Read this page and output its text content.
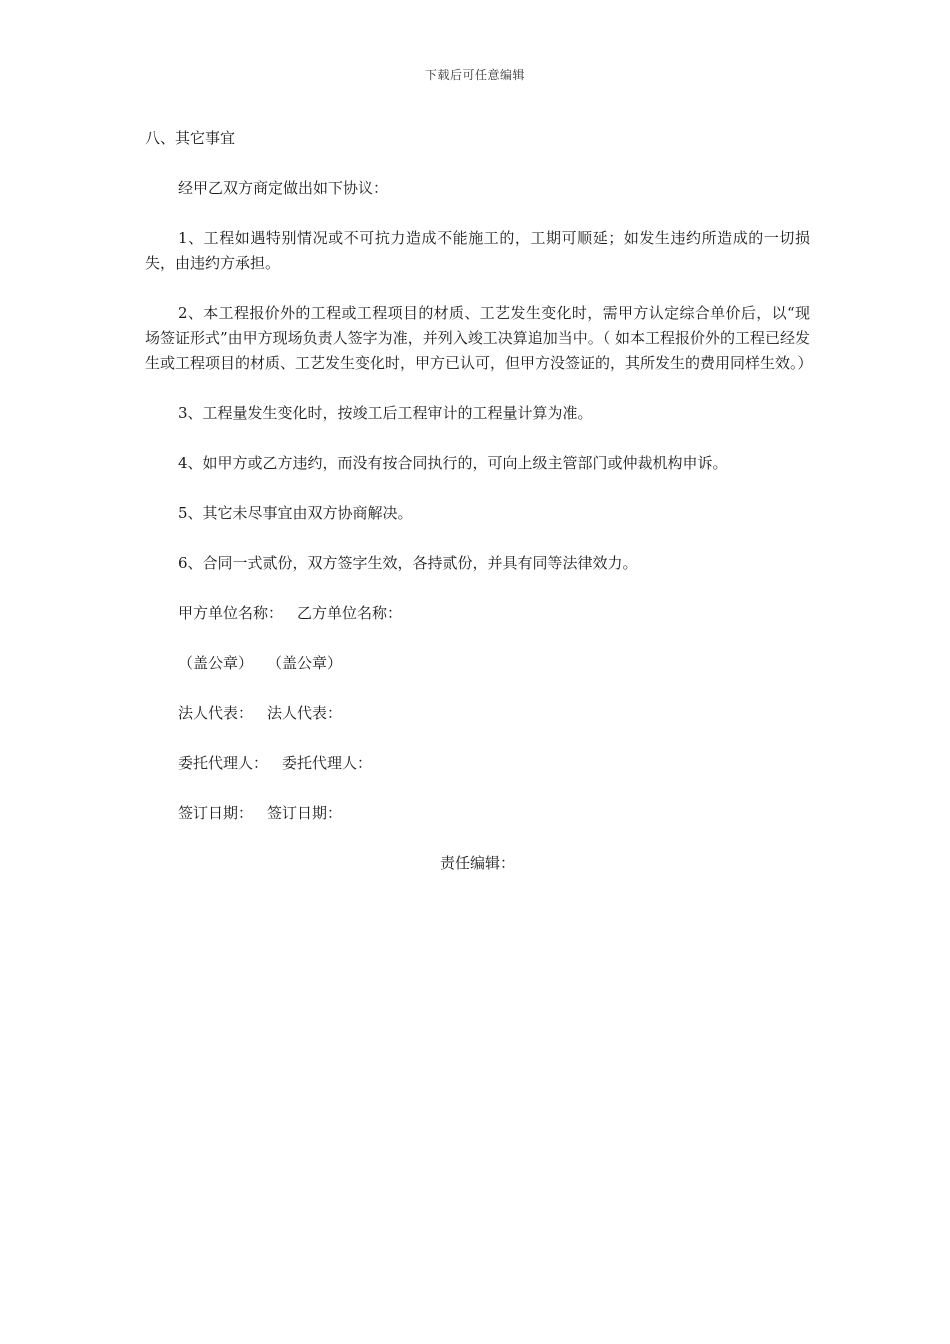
下载后可任意编辑

八、其它事宜

经甲乙双方商定做出如下协议：

1、工程如遇特别情况或不可抗力造成不能施工的，工期可顺延；如发生违约所造成的一切损失，由违约方承担。

2、本工程报价外的工程或工程项目的材质、工艺发生变化时，需甲方认定综合单价后，以“现场签证形式”由甲方现场负责人签字为准，并列入竣工决算追加当中。（ 如本工程报价外的工程已经发生或工程项目的材质、工艺发生变化时，甲方已认可，但甲方没签证的，其所发生的费用同样生效。）

3、工程量发生变化时，按竣工后工程审计的工程量计算为准。

4、如甲方或乙方违约，而没有按合同执行的，可向上级主管部门或仲裁机构申诉。

5、其它未尽事宜由双方协商解决。

6、合同一式贰份，双方签字生效，各持贰份，并具有同等法律效力。

甲方单位名称： 乙方单位名称：

（盖公章） （盖公章）

法人代表： 法人代表：

委托代理人： 委托代理人：

签订日期： 签订日期：

责任编辑：
